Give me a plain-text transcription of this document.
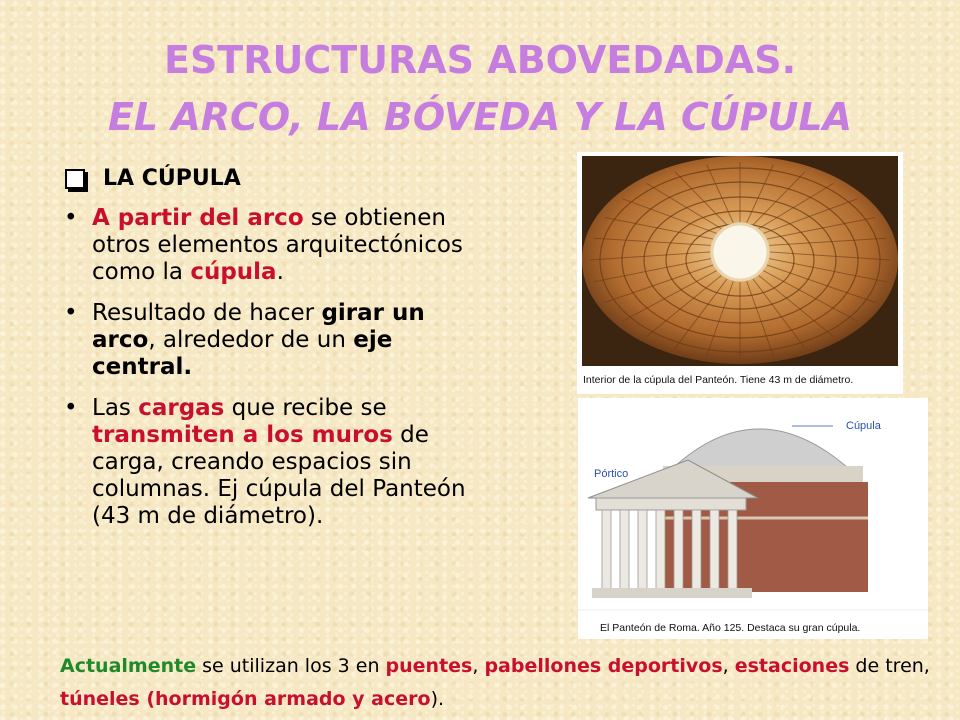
ESTRUCTURAS ABOVEDADAS.
EL ARCO, LA BÓVEDA Y LA CÚPULA
LA CÚPULA
• A partir del arco se obtienen otros elementos arquitectónicos como la cúpula.
• Resultado de hacer girar un arco, alrededor de un eje central.
• Las cargas que recibe se transmiten a los muros de carga, creando espacios sin columnas. Ej cúpula del Panteón (43 m de diámetro).
Interior de la cúpula del Panteón. Tiene 43 m de diámetro.
Cúpula
Pórtico
El Panteón de Roma. Año 125. Destaca su gran cúpula.
Actualmente se utilizan los 3 en puentes, pabellones deportivos, estaciones de tren, túneles (hormigón armado y acero).
